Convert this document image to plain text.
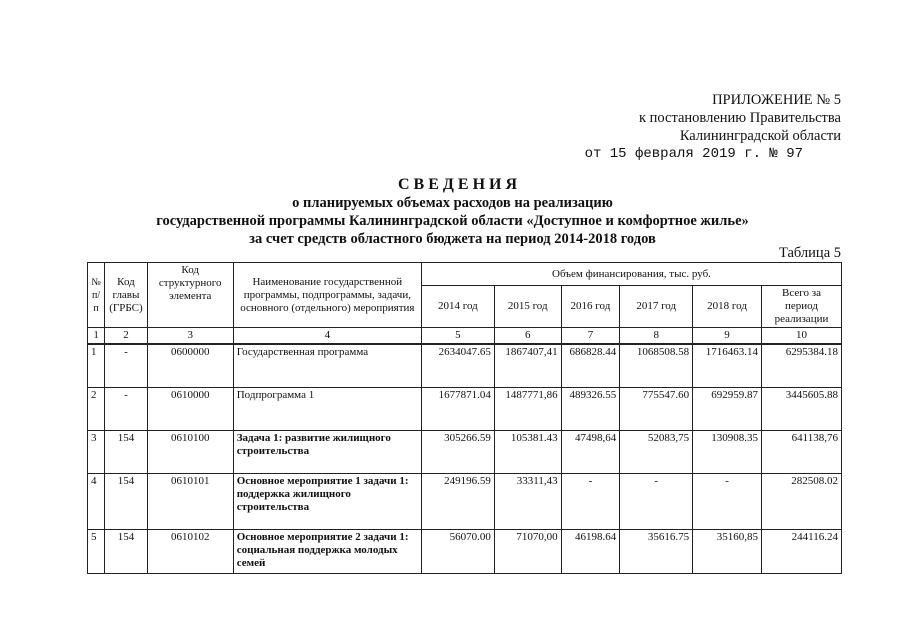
ПРИЛОЖЕНИЕ № 5
к постановлению Правительства
Калининградской области
от 15 февраля 2019 г. № 97
СВЕДЕНИЯ
о планируемых объемах расходов на реализацию
государственной программы Калининградской области «Доступное и комфортное жилье»
за счет средств областного бюджета на период 2014-2018 годов
Таблица 5
№ п/п	Код главы (ГРБС)	Код структурного элемента	Наименование государственной программы, подпрограммы, задачи, основного (отдельного) мероприятия	Объем финансирования, тыс. руб.					
				2014 год	2015 год	2016 год	2017 год	2018 год	Всего за период реализации
1	2	3	4	5	6	7	8	9	10
1	-	0600000	Государственная программа	2634047.65	1867407,41	686828.44	1068508.58	1716463.14	6295384.18
2	-	0610000	Подпрограмма 1	1677871.04	1487771,86	489326.55	775547.60	692959.87	3445605.88
3	154	0610100	Задача 1: развитие жилищного строительства	305266.59	105381.43	47498,64	52083,75	130908.35	641138,76
4	154	0610101	Основное мероприятие 1 задачи 1: поддержка жилищного строительства	249196.59	33311,43	-	-	-	282508.02
5	154	0610102	Основное мероприятие 2 задачи 1: социальная поддержка молодых семей	56070.00	71070,00	46198.64	35616.75	35160,85	244116.24
